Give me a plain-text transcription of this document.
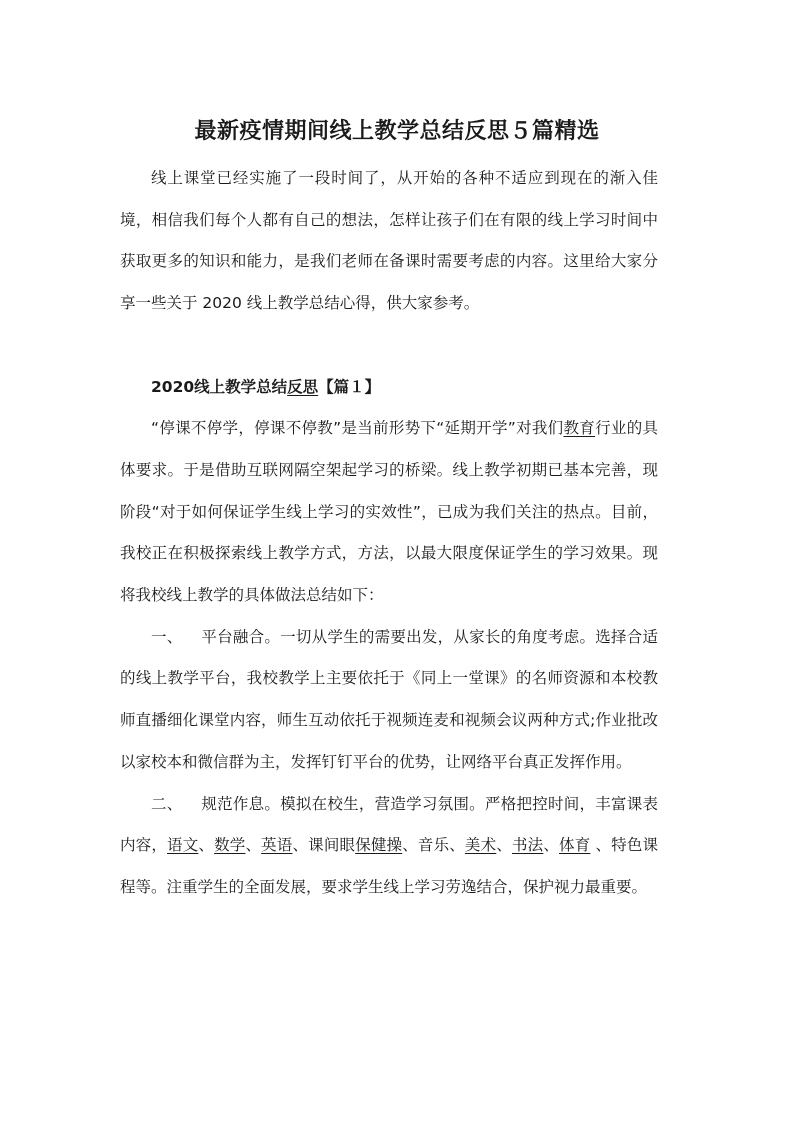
最新疫情期间线上教学总结反思５篇精选

线上课堂已经实施了一段时间了，从开始的各种不适应到现在的渐入佳境，相信我们每个人都有自己的想法，怎样让孩子们在有限的线上学习时间中获取更多的知识和能力，是我们老师在备课时需要考虑的内容。这里给大家分享一些关于 2020 线上教学总结心得，供大家参考。

2020线上教学总结反思【篇１】

“停课不停学，停课不停教”是当前形势下“延期开学”对我们教育行业的具体要求。于是借助互联网隔空架起学习的桥梁。线上教学初期已基本完善，现阶段“对于如何保证学生线上学习的实效性”，已成为我们关注的热点。目前，我校正在积极探索线上教学方式，方法，以最大限度保证学生的学习效果。现将我校线上教学的具体做法总结如下：

一、 平台融合。一切从学生的需要出发，从家长的角度考虑。选择合适的线上教学平台，我校教学上主要依托于《同上一堂课》的名师资源和本校教师直播细化课堂内容，师生互动依托于视频连麦和视频会议两种方式;作业批改以家校本和微信群为主，发挥钉钉平台的优势，让网络平台真正发挥作用。

二、 规范作息。模拟在校生，营造学习氛围。严格把控时间，丰富课表内容，语文、数学、英语、课间眼保健操、音乐、美术、书法、体育 、特色课程等。注重学生的全面发展，要求学生线上学习劳逸结合，保护视力最重要。
